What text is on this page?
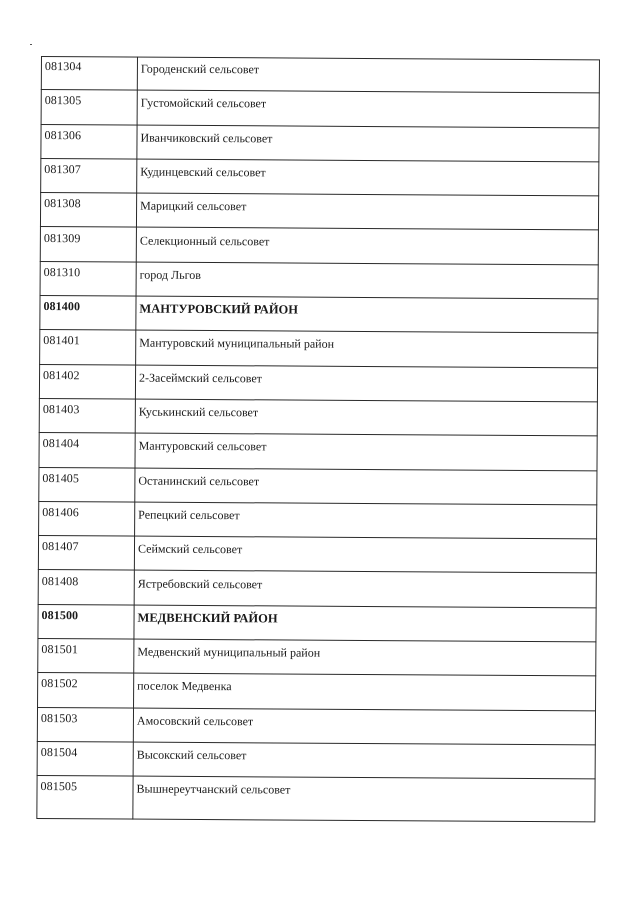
081304	Городенский сельсовет
081305	Густомойский сельсовет
081306	Иванчиковский сельсовет
081307	Кудинцевский сельсовет
081308	Марицкий сельсовет
081309	Селекционный сельсовет
081310	город Льгов
081400	МАНТУРОВСКИЙ РАЙОН
081401	Мантуровский муниципальный район
081402	2-Засеймский сельсовет
081403	Куськинский сельсовет
081404	Мантуровский сельсовет
081405	Останинский сельсовет
081406	Репецкий сельсовет
081407	Сеймский сельсовет
081408	Ястребовский сельсовет
081500	МЕДВЕНСКИЙ РАЙОН
081501	Медвенский муниципальный район
081502	поселок Медвенка
081503	Амосовский сельсовет
081504	Высокский сельсовет
081505	Вышнереутчанский сельсовет
